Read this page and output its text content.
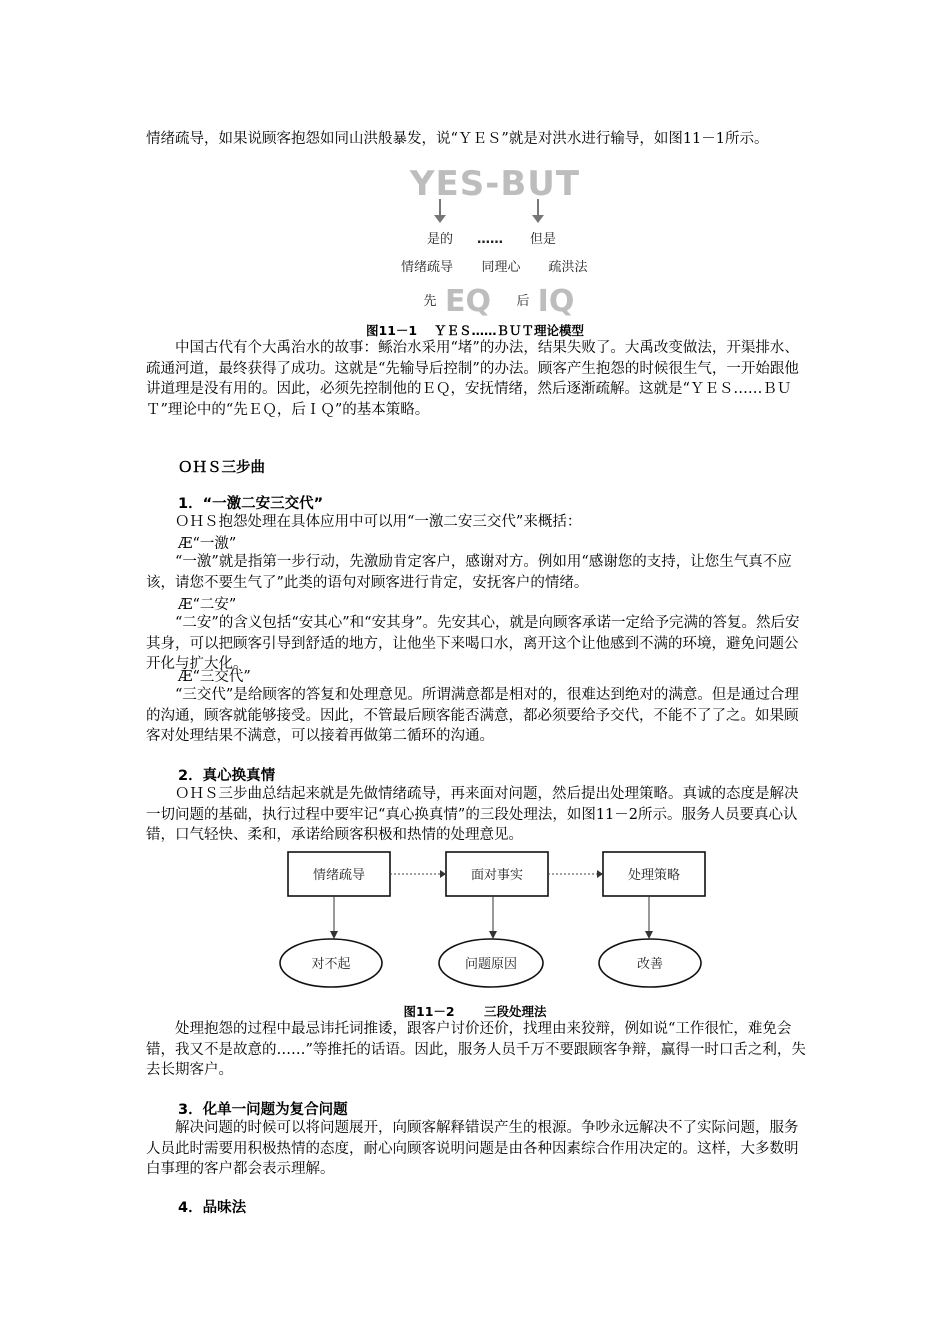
情绪疏导，如果说顾客抱怨如同山洪般暴发，说“ＹＥＳ”就是对洪水进行输导，如图11－1所示。

YES-BUT
是的 …… 但是
情绪疏导 同理心 疏洪法
先 EQ 后 IQ

图11－1　 ＹＥＳ……ＢＵＴ理论模型

中国古代有个大禹治水的故事：鲧治水采用“堵”的办法，结果失败了。大禹改变做法，开渠排水、疏通河道，最终获得了成功。这就是“先输导后控制”的办法。顾客产生抱怨的时候很生气，一开始跟他讲道理是没有用的。因此，必须先控制他的ＥＱ，安抚情绪，然后逐渐疏解。这就是“ＹＥＳ……ＢＵＴ”理论中的“先ＥＱ，后ＩＱ”的基本策略。

ＯＨＳ三步曲

1．“一激二安三交代”

ＯＨＳ抱怨处理在具体应用中可以用“一激二安三交代”来概括：

Æ“一激”

“一激”就是指第一步行动，先激励肯定客户，感谢对方。例如用“感谢您的支持，让您生气真不应该，请您不要生气了”此类的语句对顾客进行肯定，安抚客户的情绪。

Æ“二安”

“二安”的含义包括“安其心”和“安其身”。先安其心，就是向顾客承诺一定给予完满的答复。然后安其身，可以把顾客引导到舒适的地方，让他坐下来喝口水，离开这个让他感到不满的环境，避免问题公开化与扩大化。

Æ“三交代”

“三交代”是给顾客的答复和处理意见。所谓满意都是相对的，很难达到绝对的满意。但是通过合理的沟通，顾客就能够接受。因此，不管最后顾客能否满意，都必须要给予交代，不能不了了之。如果顾客对处理结果不满意，可以接着再做第二循环的沟通。

2．真心换真情

ＯＨＳ三步曲总结起来就是先做情绪疏导，再来面对问题，然后提出处理策略。真诚的态度是解决一切问题的基础，执行过程中要牢记“真心换真情”的三段处理法，如图11－2所示。服务人员要真心认错，口气轻快、柔和，承诺给顾客积极和热情的处理意见。

情绪疏导	面对事实	处理策略
对不起	问题原因	改善

图11－2　　 三段处理法

处理抱怨的过程中最忌讳托词推诿，跟客户讨价还价，找理由来狡辩，例如说“工作很忙，难免会错，我又不是故意的……”等推托的话语。因此，服务人员千万不要跟顾客争辩，赢得一时口舌之利，失去长期客户。

3．化单一问题为复合问题

解决问题的时候可以将问题展开，向顾客解释错误产生的根源。争吵永远解决不了实际问题，服务人员此时需要用积极热情的态度，耐心向顾客说明问题是由各种因素综合作用决定的。这样，大多数明白事理的客户都会表示理解。

4．品味法
